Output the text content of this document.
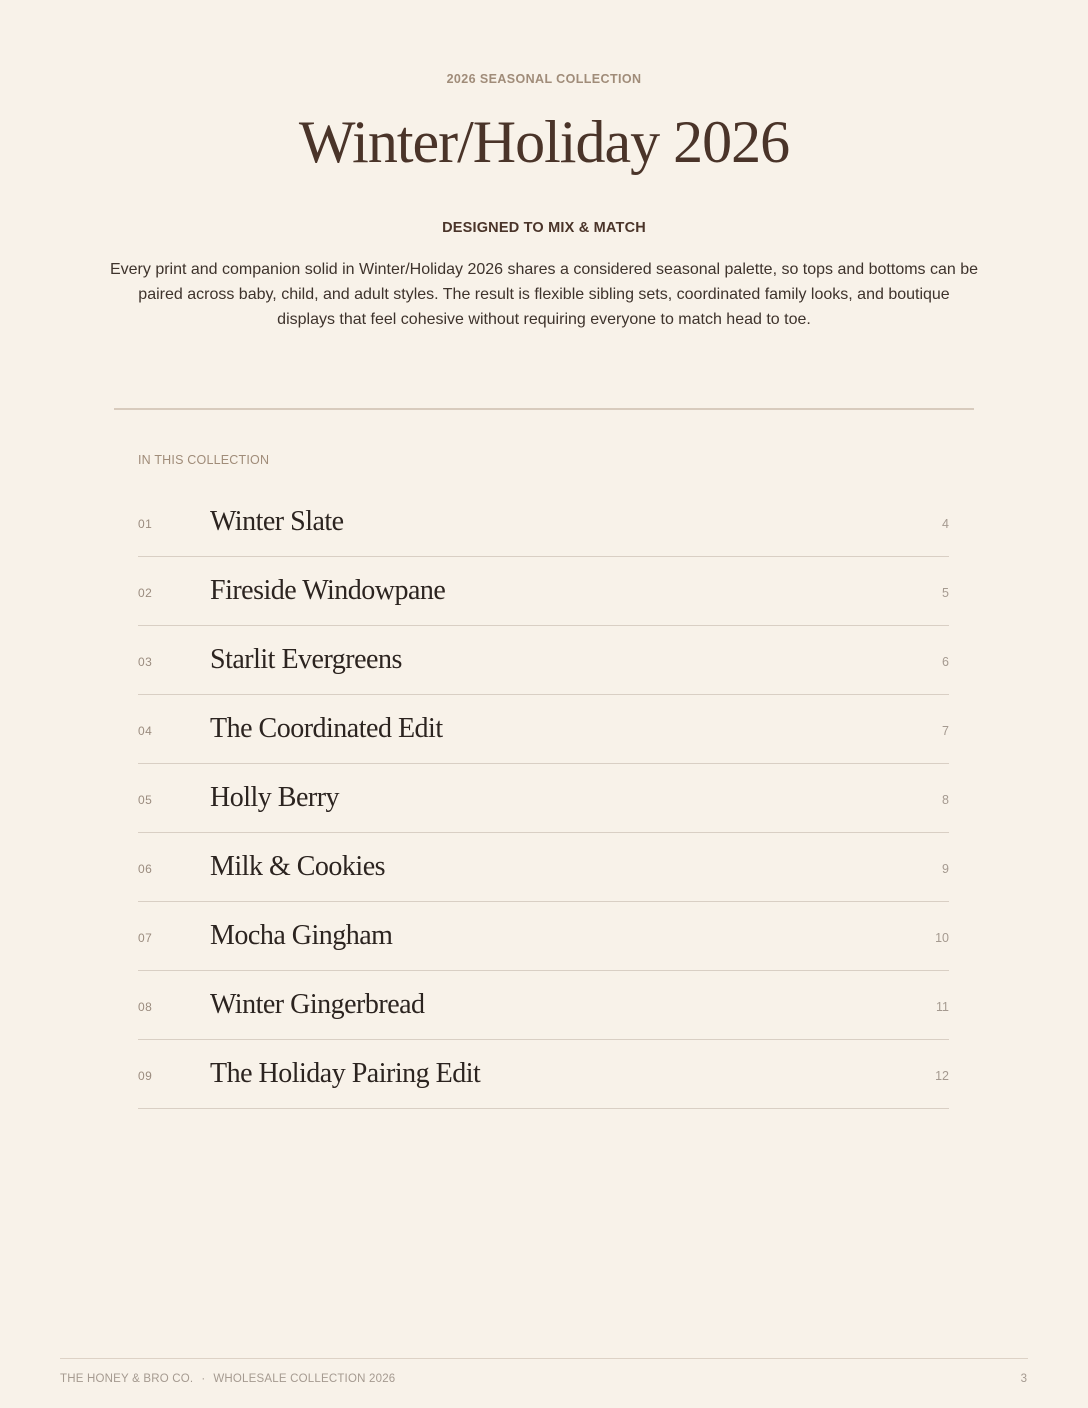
2026 SEASONAL COLLECTION
Winter/Holiday 2026
DESIGNED TO MIX & MATCH

Every print and companion solid in Winter/Holiday 2026 shares a considered seasonal palette, so tops and bottoms can be paired across baby, child, and adult styles. The result is flexible sibling sets, coordinated family looks, and boutique displays that feel cohesive without requiring everyone to match head to toe.

IN THIS COLLECTION
01 Winter Slate	4
02 Fireside Windowpane	5
03 Starlit Evergreens	6
04 The Coordinated Edit	7
05 Holly Berry	8
06 Milk & Cookies	9
07 Mocha Gingham	10
08 Winter Gingerbread	11
09 The Holiday Pairing Edit	12
THE HONEY & BRO CO. · WHOLESALE COLLECTION 2026	3
